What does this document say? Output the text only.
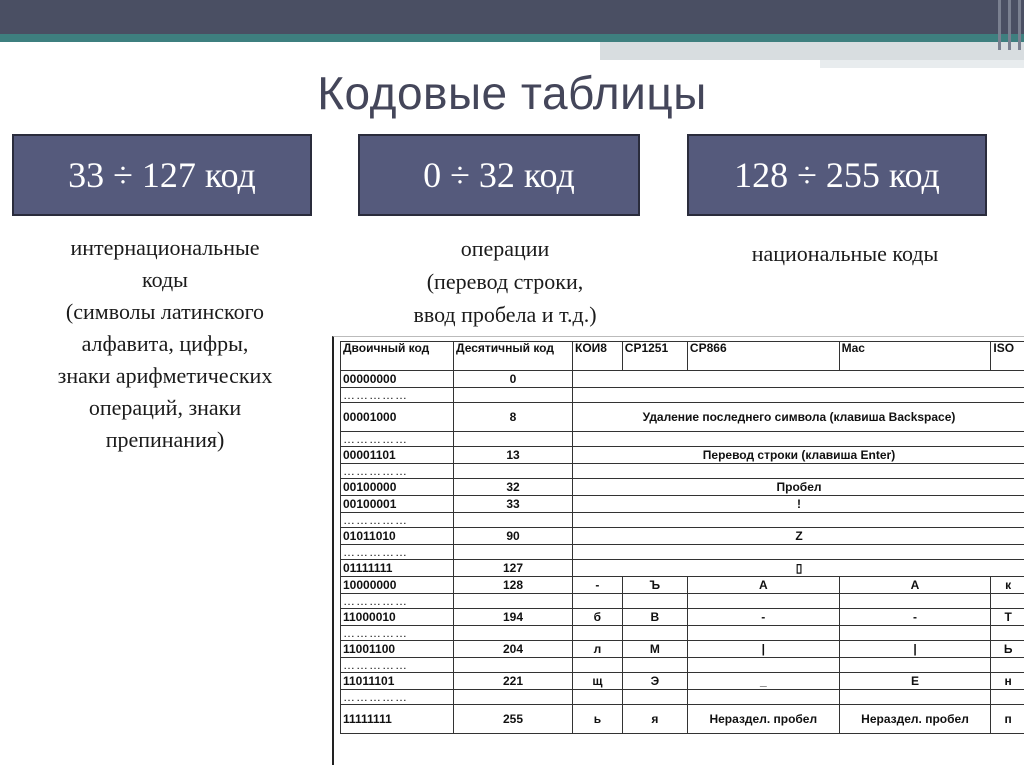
Кодовые таблицы
33 ÷ 127 код	0 ÷ 32 код	128 ÷ 255 код
интернациональные
коды
(символы латинского
алфавита, цифры,
знаки арифметических
операций, знаки
препинания)
операции
(перевод строки,
ввод пробела и т.д.)
национальные коды
Двоичный код	Десятичный код	КОИ8	CP1251	CP866	Mac	ISO
00000000	0					
……………						
00001000	8	Удаление последнего символа (клавиша Backspace)				
……………						
00001101	13	Перевод строки (клавиша Enter)				
……………						
00100000	32	Пробел				
00100001	33	!				
……………						
01011010	90	Z				
……………						
01111111	127	▯				
10000000	128	-	Ъ	А	А	к
……………						
11000010	194	б	В	-	-	Т
……………						
11001100	204	л	М	|	|	Ь
……………						
11011101	221	щ	Э	_	Е	н
……………						
11111111	255	ь	я	Нераздел. пробел	Нераздел. пробел	п
